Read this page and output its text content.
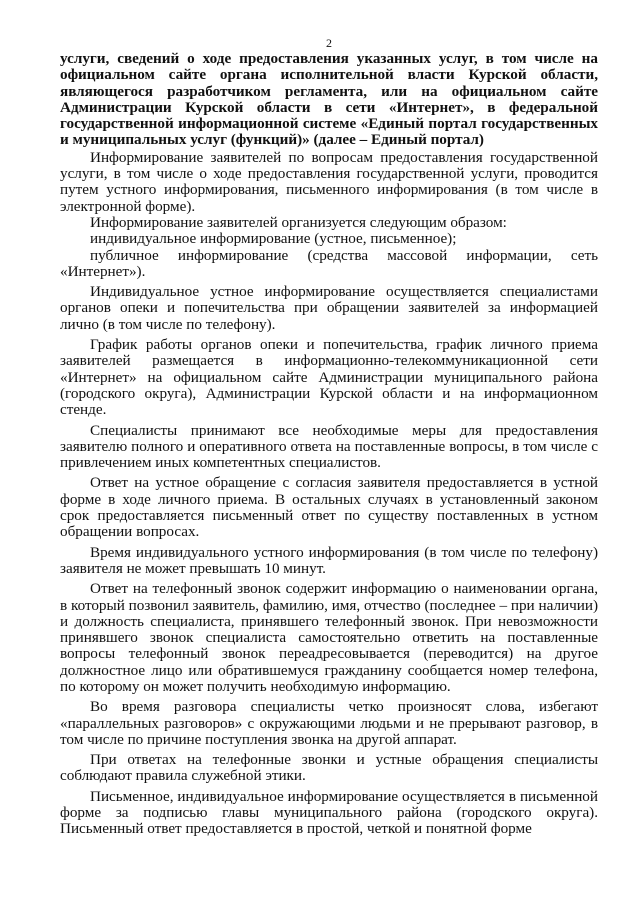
2

услуги, сведений о ходе предоставления указанных услуг, в том числе на официальном сайте органа исполнительной власти Курской области, являющегося разработчиком регламента, или на официальном сайте Администрации Курской области в сети «Интернет», в федеральной государственной информационной системе «Единый портал государственных и муниципальных услуг (функций)» (далее – Единый портал)

Информирование заявителей по вопросам предоставления государственной услуги, в том числе о ходе предоставления государственной услуги, проводится путем устного информирования, письменного информирования (в том числе в электронной форме).

Информирование заявителей организуется следующим образом:

индивидуальное информирование (устное, письменное);

публичное информирование (средства массовой информации, сеть «Интернет»).

Индивидуальное устное информирование осуществляется специалистами органов опеки и попечительства при обращении заявителей за информацией лично (в том числе по телефону).

График работы органов опеки и попечительства, график личного приема заявителей размещается в информационно-телекоммуникационной сети «Интернет» на официальном сайте Администрации муниципального района (городского округа), Администрации Курской области и на информационном стенде.

Специалисты принимают все необходимые меры для предоставления заявителю полного и оперативного ответа на поставленные вопросы, в том числе с привлечением иных компетентных специалистов.

Ответ на устное обращение с согласия заявителя предоставляется в устной форме в ходе личного приема. В остальных случаях в установленный законом срок предоставляется письменный ответ по существу поставленных в устном обращении вопросах.

Время индивидуального устного информирования (в том числе по телефону) заявителя не может превышать 10 минут.

Ответ на телефонный звонок содержит информацию о наименовании органа, в который позвонил заявитель, фамилию, имя, отчество (последнее – при наличии) и должность специалиста, принявшего телефонный звонок. При невозможности принявшего звонок специалиста самостоятельно ответить на поставленные вопросы телефонный звонок переадресовывается (переводится) на другое должностное лицо или обратившемуся гражданину сообщается номер телефона, по которому он может получить необходимую информацию.

Во время разговора специалисты четко произносят слова, избегают «параллельных разговоров» с окружающими людьми и не прерывают разговор, в том числе по причине поступления звонка на другой аппарат.

При ответах на телефонные звонки и устные обращения специалисты соблюдают правила служебной этики.

Письменное, индивидуальное информирование осуществляется в письменной форме за подписью главы муниципального района (городского округа). Письменный ответ предоставляется в простой, четкой и понятной форме
